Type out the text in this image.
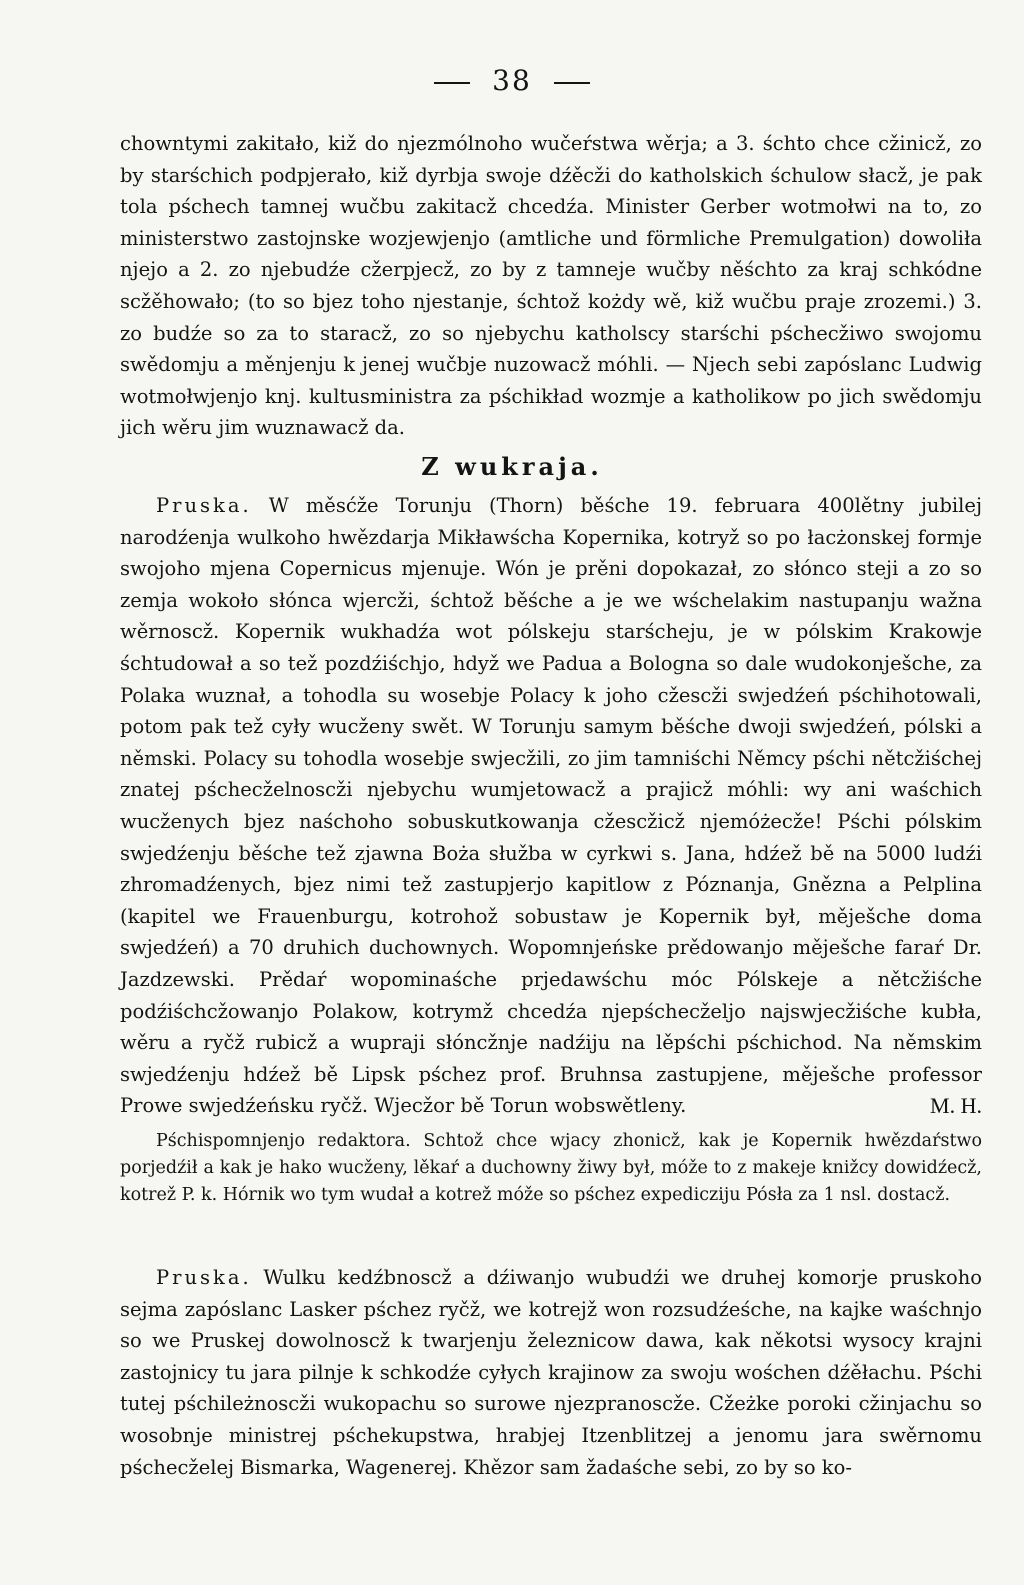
38

chowntymi zakitało, kiž do njezmólnoho wučeŕstwa wěrja; a 3. śchto chce cžinicž, zo by starśchich podpjerało, kiž dyrbja swoje dźěcži do katholskich śchulow słacž, je pak tola pśchech tamnej wučbu zakitacž chcedźa. Minister Gerber wotmołwi na to, zo ministerstwo zastojnske wozjewjenjo (amtliche und förmliche Premulgation) dowoliła njejo a 2. zo njebudźe cžerpjecž, zo by z tamneje wučby něśchto za kraj schkódne scžěhowało; (to so bjez toho njestanje, śchtož kożdy wě, kiž wučbu praje zrozemi.) 3. zo budźe so za to staracž, zo so njebychu katholscy starśchi pśchecžiwo swojomu swědomju a měnjenju k jenej wučbje nuzowacž móhli. — Njech sebi zapóslanc Ludwig wotmołwjenjo knj. kultusministra za pśchikład wozmje a katholikow po jich swědomju jich wěru jim wuznawacž da.

Z wukraja.

Pruska. W měsćže Torunju (Thorn) běśche 19. februara 400lětny jubilej narodźenja wulkoho hwězdarja Mikławścha Kopernika, kotryž so po łacżonskej formje swojoho mjena Copernicus mjenuje. Wón je prěni dopokazał, zo słónco steji a zo so zemja wokoło słónca wjercži, śchtož běśche a je we wśchelakim nastupanju wažna wěrnoscž. Kopernik wukhadźa wot pólskeju starścheju, je w pólskim Krakowje śchtudował a so tež pozdźiśchjo, hdyž we Padua a Bologna so dale wudokonješche, za Polaka wuznał, a tohodla su wosebje Polacy k joho cžescži swjedźeń pśchihotowali, potom pak tež cyły wucženy swět. W Torunju samym běśche dwoji swjedźeń, pólski a němski. Polacy su tohodla wosebje swjecžili, zo jim tamniśchi Němcy pśchi nětcžiśchej znatej pśchecželnoscži njebychu wumjetowacž a prajicž móhli: wy ani waśchich wucženych bjez naśchoho sobuskutkowanja cžescžicž njemóżecže! Pśchi pólskim swjedźenju běśche tež zjawna Boża słužba w cyrkwi s. Jana, hdźež bě na 5000 ludźi zhromadźenych, bjez nimi tež zastupjerjo kapitlow z Póznanja, Gnězna a Pelplina (kapitel we Frauenburgu, kotrohož sobustaw je Kopernik był, měješche doma swjedźeń) a 70 druhich duchownych. Wopomnjeńske prědowanjo měješche faraŕ Dr. Jazdzewski. Prědaŕ wopominaśche prjedawśchu móc Pólskeje a nětcžiśche podźiśchcžowanjo Polakow, kotrymž chcedźa njepśchecželjo najswjecžiśche kubła, wěru a ryčž rubicž a wupraji słóncžnje nadźiju na lěpśchi pśchichod. Na němskim swjedźenju hdźež bě Lipsk pśchez prof. Bruhnsa zastupjene, měješche professor Prowe swjedźeńsku ryčž. Wjecžor bě Torun wobswětleny.	M. H.

Pśchispomnjenjo redaktora. Schtož chce wjacy zhonicž, kak je Kopernik hwězdaŕstwo porjedźił a kak je hako wucženy, lěkaŕ a duchowny žiwy był, móže to z makeje knižcy dowidźecž, kotrež P. k. Hórnik wo tym wudał a kotrež móže so pśchez expedicziju Pósła za 1 nsl. dostacž.

Pruska. Wulku kedźbnoscž a dźiwanjo wubudźi we druhej komorje pruskoho sejma zapóslanc Lasker pśchez ryčž, we kotrejž won rozsudźeśche, na kajke waśchnjo so we Pruskej dowolnoscž k twarjenju železnicow dawa, kak někotsi wysocy krajni zastojnicy tu jara pilnje k schkodźe cyłych krajinow za swoju wośchen dźěłachu. Pśchi tutej pśchileżnoscži wukopachu so surowe njezpranoscže. Cžeżke poroki cžinjachu so wosobnje ministrej pśchekupstwa, hrabjej Itzenblitzej a jenomu jara swěrnomu pśchecželej Bismarka, Wagenerej. Khězor sam žadaśche sebi, zo by so ko-
